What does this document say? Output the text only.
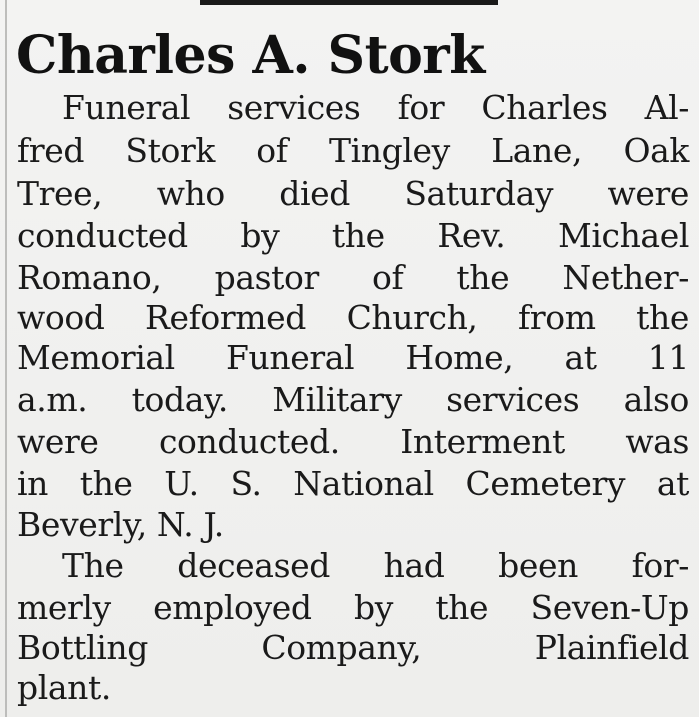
Charles A. Stork
Funeral services for Charles Al-
fred Stork of Tingley Lane, Oak
Tree, who died Saturday were
conducted by the Rev. Michael
Romano, pastor of the Nether-
wood Reformed Church, from the
Memorial Funeral Home, at 11
a.m. today. Military services also
were conducted. Interment was
in the U. S. National Cemetery at
Beverly, N. J.
The deceased had been for-
merly employed by the Seven-Up
Bottling Company, Plainfield
plant.
